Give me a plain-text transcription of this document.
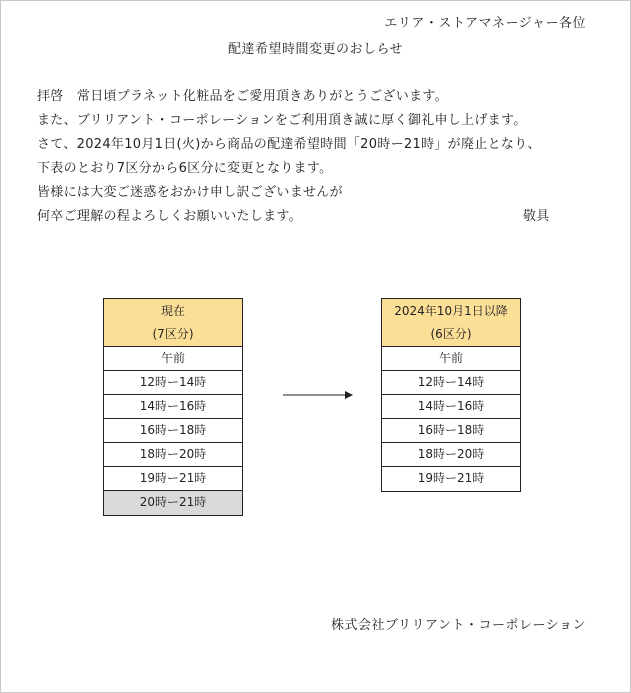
エリア・ストアマネージャー各位
配達希望時間変更のおしらせ
拝啓　常日頃プラネット化粧品をご愛用頂きありがとうございます。
また、ブリリアント・コーポレーションをご利用頂き誠に厚く御礼申し上げます。
さて、2024年10月1日(火)から商品の配達希望時間「20時ー21時」が廃止となり、
下表のとおり7区分から6区分に変更となります。
皆様には大変ご迷惑をおかけ申し訳ございませんが
何卒ご理解の程よろしくお願いいたします。	敬具
現在
(7区分)
午前
12時ー14時
14時ー16時
16時ー18時
18時ー20時
19時ー21時
20時ー21時
2024年10月1日以降
(6区分)
午前
12時ー14時
14時ー16時
16時ー18時
18時ー20時
19時ー21時
株式会社ブリリアント・コーポレーション
